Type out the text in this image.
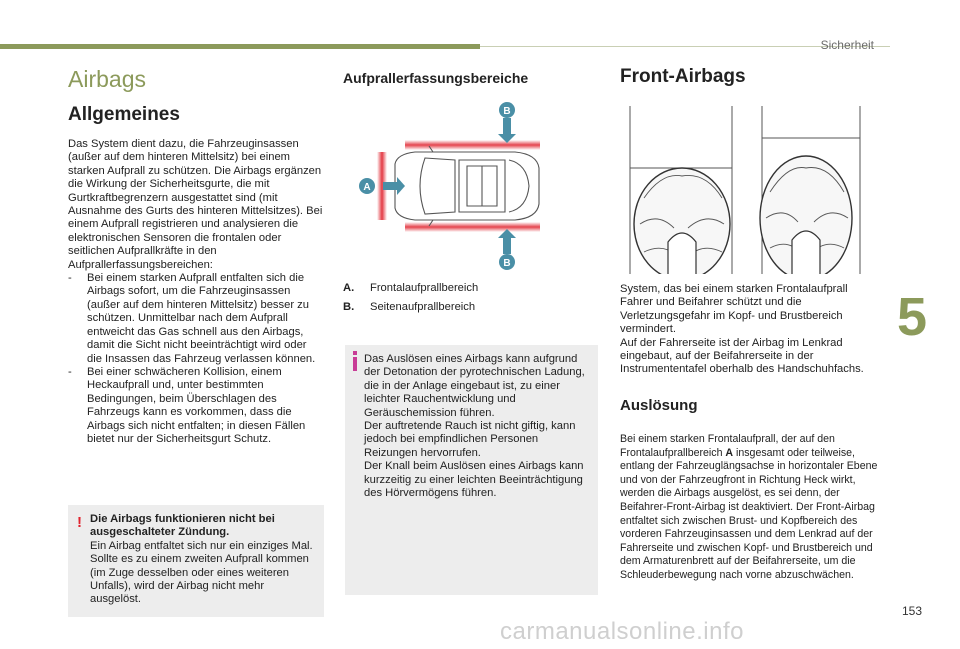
Sicherheit
5
153
carmanualsonline.info
Airbags
Allgemeines

Das System dient dazu, die Fahrzeuginsassen (außer auf dem hinteren Mittelsitz) bei einem starken Aufprall zu schützen. Die Airbags ergänzen die Wirkung der Sicherheitsgurte, die mit Gurtkraftbegrenzern ausgestattet sind (mit Ausnahme des Gurts des hinteren Mittelsitzes). Bei einem Aufprall registrieren und analysieren die elektronischen Sensoren die frontalen oder seitlichen Aufprallkräfte in den Aufprallerfassungsbereichen:

- Bei einem starken Aufprall entfalten sich die Airbags sofort, um die Fahrzeuginsassen (außer auf dem hinteren Mittelsitz) besser zu schützen. Unmittelbar nach dem Aufprall entweicht das Gas schnell aus den Airbags, damit die Sicht nicht beeinträchtigt wird oder die Insassen das Fahrzeug verlassen können.
- Bei einer schwächeren Kollision, einem Heckaufprall und, unter bestimmten Bedingungen, beim Überschlagen des Fahrzeugs kann es vorkommen, dass die Airbags sich nicht entfalten; in diesen Fällen bietet nur der Sicherheitsgurt Schutz.
! Die Airbags funktionieren nicht bei ausgeschalteter Zündung.
Ein Airbag entfaltet sich nur ein einziges Mal. Sollte es zu einem zweiten Aufprall kommen (im Zuge desselben oder eines weiteren Unfalls), wird der Airbag nicht mehr ausgelöst.

Aufprallerfassungsbereiche
A
B
B
A.	Frontalaufprallbereich
B.	Seitenaufprallbereich

Das Auslösen eines Airbags kann aufgrund der Detonation der pyrotechnischen Ladung, die in der Anlage eingebaut ist, zu einer leichter Rauchentwicklung und Geräuschemission führen.

Der auftretende Rauch ist nicht giftig, kann jedoch bei empfindlichen Personen Reizungen hervorrufen.

Der Knall beim Auslösen eines Airbags kann kurzzeitig zu einer leichten Beeinträchtigung des Hörvermögens führen.

Front-Airbags

System, das bei einem starken Frontalaufprall Fahrer und Beifahrer schützt und die Verletzungsgefahr im Kopf- und Brustbereich vermindert.

Auf der Fahrerseite ist der Airbag im Lenkrad eingebaut, auf der Beifahrerseite in der Instrumententafel oberhalb des Handschuhfachs.

Auslösung

Bei einem starken Frontalaufprall, der auf den Frontalaufprallbereich A insgesamt oder teilweise, entlang der Fahrzeuglängsachse in horizontaler Ebene und von der Fahrzeugfront in Richtung Heck wirkt, werden die Airbags ausgelöst, es sei denn, der Beifahrer-Front-Airbag ist deaktiviert. Der Front-Airbag entfaltet sich zwischen Brust- und Kopfbereich des vorderen Fahrzeuginsassen und dem Lenkrad auf der Fahrerseite und zwischen Kopf- und Brustbereich und dem Armaturenbrett auf der Beifahrerseite, um die Schleuderbewegung nach vorne abzuschwächen.
